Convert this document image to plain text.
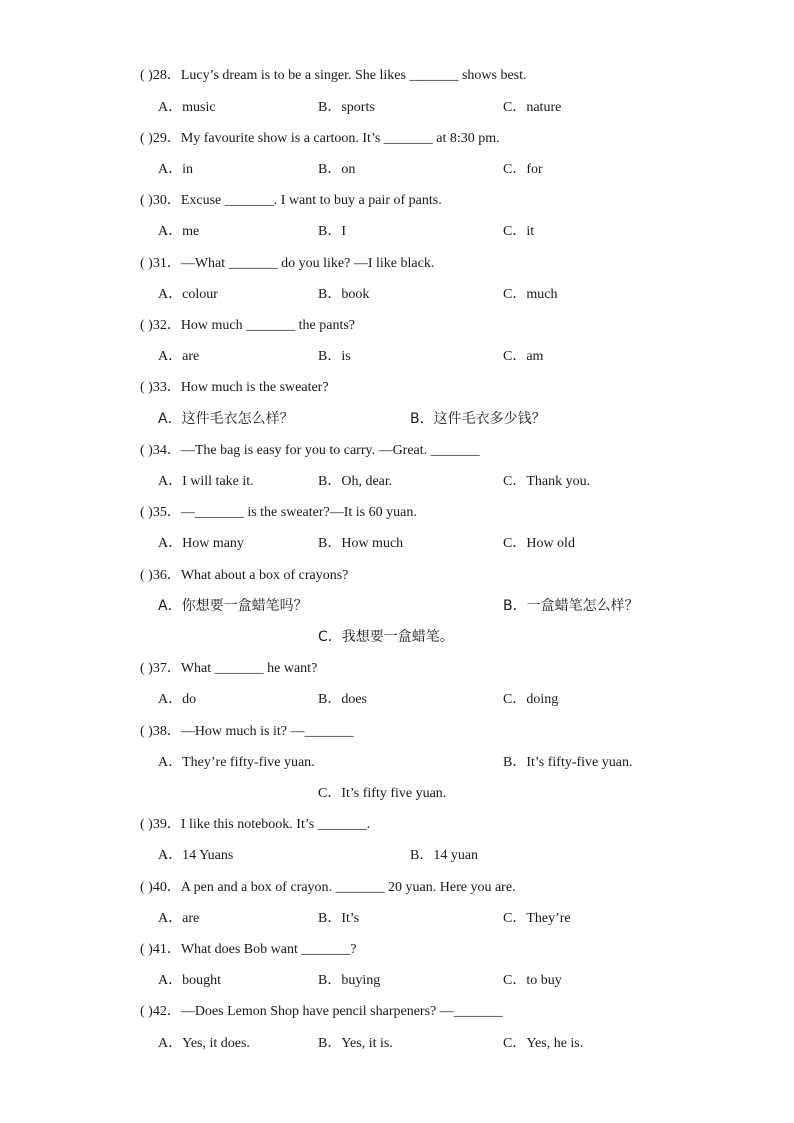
( )28．Lucy’s dream is to be a singer. She likes _______ shows best.
A．music	B．sports	C．nature
( )29．My favourite show is a cartoon. It’s _______ at 8:30 pm.
A．in	B．on	C．for
( )30．Excuse _______. I want to buy a pair of pants.
A．me	B．I	C．it
( )31．—What _______ do you like? —I like black.
A．colour	B．book	C．much
( )32．How much _______ the pants?
A．are	B．is	C．am
( )33．How much is the sweater?
A．这件毛衣怎么样？	B．这件毛衣多少钱？
( )34．—The bag is easy for you to carry. —Great. _______
A．I will take it.	B．Oh, dear.	C．Thank you.
( )35．—_______ is the sweater?—It is 60 yuan.
A．How many	B．How much	C．How old
( )36．What about a box of crayons?
A．你想要一盒蜡笔吗？	B．一盒蜡笔怎么样？
C．我想要一盒蜡笔。
( )37．What _______ he want?
A．do	B．does	C．doing
( )38．—How much is it? —_______
A．They’re fifty-five yuan.	B．It’s fifty-five yuan.
C．It’s fifty five yuan.
( )39．I like this notebook. It’s _______.
A．14 Yuans	B．14 yuan
( )40．A pen and a box of crayon. _______ 20 yuan. Here you are.
A．are	B．It’s	C．They’re
( )41．What does Bob want _______?
A．bought	B．buying	C．to buy
( )42．—Does Lemon Shop have pencil sharpeners? —_______
A．Yes, it does.	B．Yes, it is.	C．Yes, he is.
